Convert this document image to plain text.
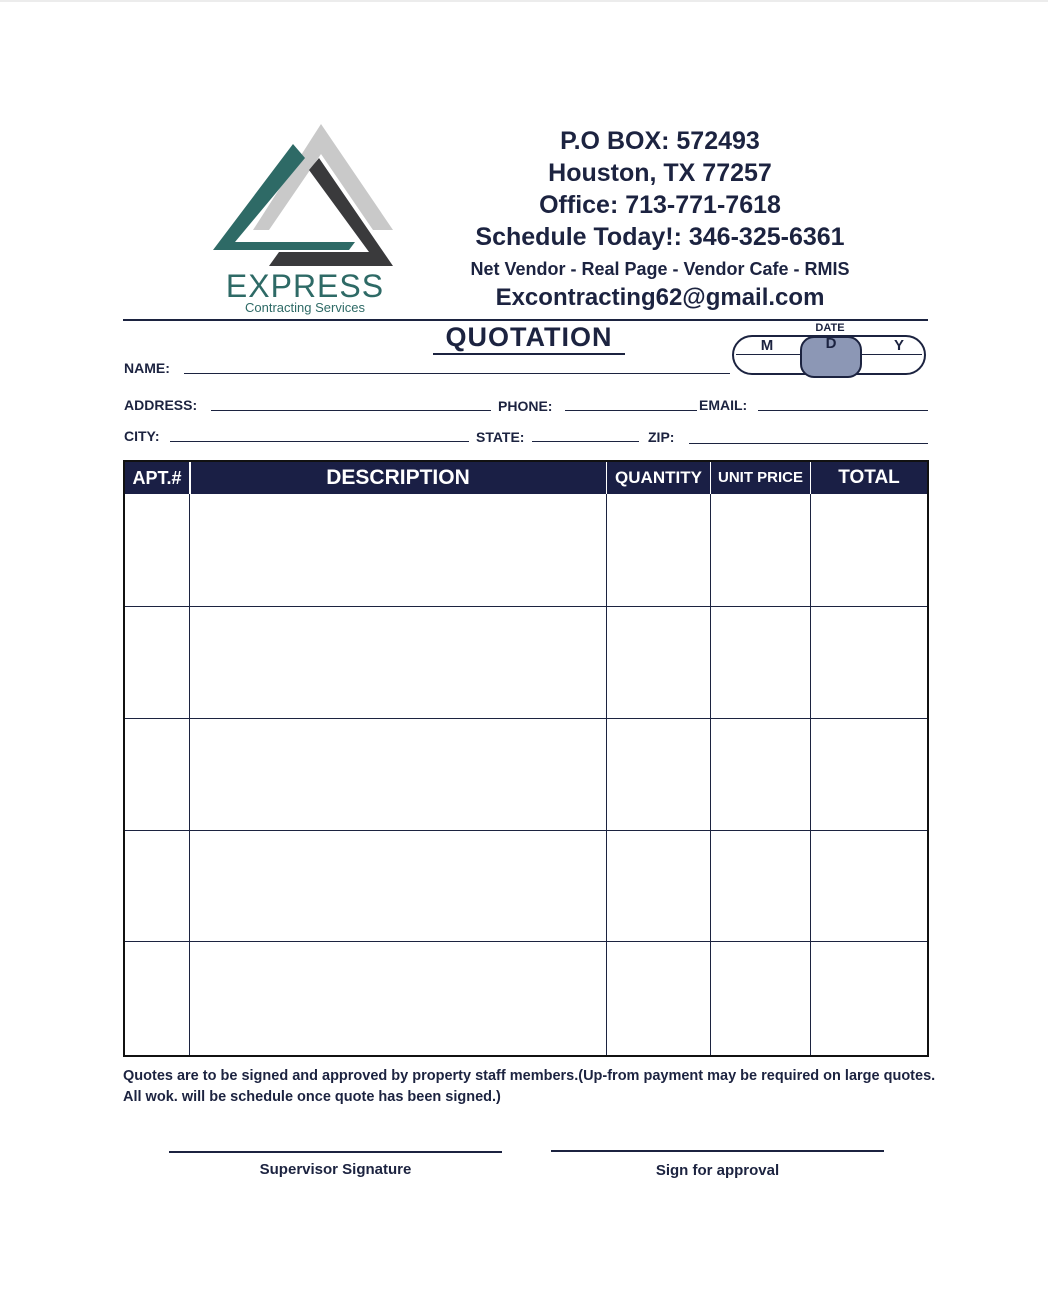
EXPRESS
Contracting Services
P.O BOX: 572493
Houston, TX 77257
Office: 713-771-7618
Schedule Today!: 346-325-6361
Net Vendor - Real Page - Vendor Cafe - RMIS
Excontracting62@gmail.com
QUOTATION	DATE
M	D	Y
NAME:
ADDRESS:	PHONE:	EMAIL:
CITY:	STATE:	ZIP:
APT.#	DESCRIPTION	QUANTITY	UNIT PRICE	TOTAL
Quotes are to be signed and approved by property staff members.(Up-from payment may be required on large quotes. All wok. will be schedule once quote has been signed.)
Supervisor Signature	Sign for approval
